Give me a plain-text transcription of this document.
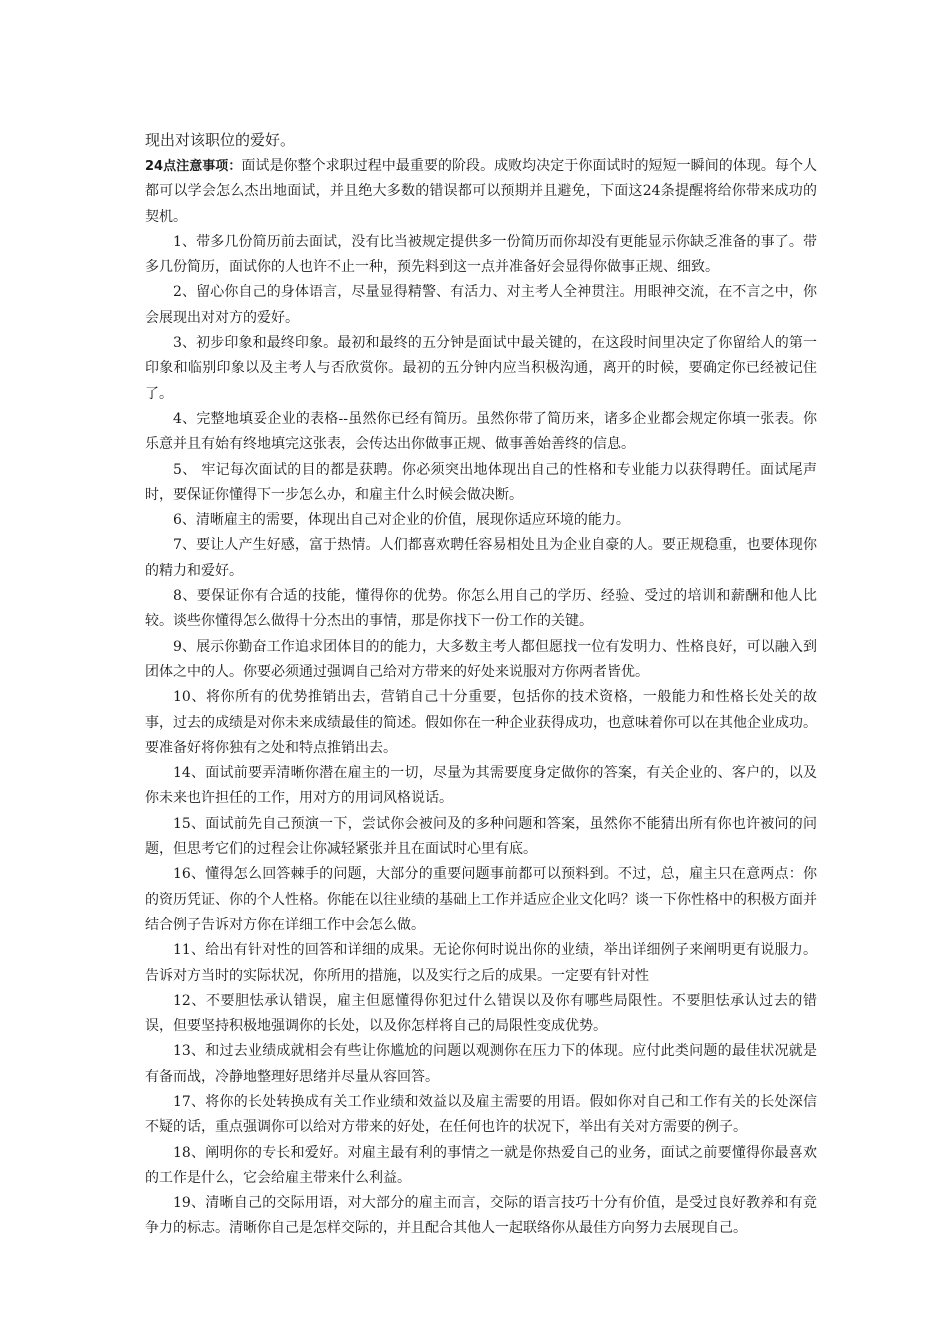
现出对该职位的爱好。

24点注意事项：面试是你整个求职过程中最重要的阶段。成败均决定于你面试时的短短一瞬间的体现。每个人都可以学会怎么杰出地面试，并且绝大多数的错误都可以预期并且避免，下面这24条提醒将给你带来成功的契机。

1、带多几份简历前去面试，没有比当被规定提供多一份简历而你却没有更能显示你缺乏准备的事了。带多几份简历，面试你的人也许不止一种，预先料到这一点并准备好会显得你做事正规、细致。

2、留心你自己的身体语言，尽量显得精警、有活力、对主考人全神贯注。用眼神交流，在不言之中，你会展现出对对方的爱好。

3、初步印象和最终印象。最初和最终的五分钟是面试中最关键的，在这段时间里决定了你留给人的第一印象和临别印象以及主考人与否欣赏你。最初的五分钟内应当积极沟通，离开的时候，要确定你已经被记住了。

4、完整地填妥企业的表格--虽然你已经有简历。虽然你带了简历来，诸多企业都会规定你填一张表。你乐意并且有始有终地填完这张表，会传达出你做事正规、做事善始善终的信息。

5、 牢记每次面试的目的都是获聘。你必须突出地体现出自己的性格和专业能力以获得聘任。面试尾声时，要保证你懂得下一步怎么办，和雇主什么时候会做决断。

6、清晰雇主的需要，体现出自己对企业的价值，展现你适应环境的能力。

7、要让人产生好感，富于热情。人们都喜欢聘任容易相处且为企业自豪的人。要正规稳重，也要体现你的精力和爱好。

8、要保证你有合适的技能，懂得你的优势。你怎么用自己的学历、经验、受过的培训和薪酬和他人比较。谈些你懂得怎么做得十分杰出的事情，那是你找下一份工作的关键。

9、展示你勤奋工作追求团体目的的能力，大多数主考人都但愿找一位有发明力、性格良好，可以融入到团体之中的人。你要必须通过强调自己给对方带来的好处来说服对方你两者皆优。

10、将你所有的优势推销出去，营销自己十分重要，包括你的技术资格，一般能力和性格长处关的故事，过去的成绩是对你未来成绩最佳的简述。假如你在一种企业获得成功，也意味着你可以在其他企业成功。要准备好将你独有之处和特点推销出去。

14、面试前要弄清晰你潜在雇主的一切，尽量为其需要度身定做你的答案，有关企业的、客户的，以及你未来也许担任的工作，用对方的用词风格说话。

15、面试前先自己预演一下，尝试你会被问及的多种问题和答案，虽然你不能猜出所有你也许被问的问题，但思考它们的过程会让你减轻紧张并且在面试时心里有底。

16、懂得怎么回答棘手的问题，大部分的重要问题事前都可以预料到。不过，总，雇主只在意两点：你的资历凭证、你的个人性格。你能在以往业绩的基础上工作并适应企业文化吗？谈一下你性格中的积极方面并结合例子告诉对方你在详细工作中会怎么做。

11、给出有针对性的回答和详细的成果。无论你何时说出你的业绩，举出详细例子来阐明更有说服力。告诉对方当时的实际状况，你所用的措施，以及实行之后的成果。一定要有针对性

12、不要胆怯承认错误，雇主但愿懂得你犯过什么错误以及你有哪些局限性。不要胆怯承认过去的错误，但要坚持积极地强调你的长处，以及你怎样将自己的局限性变成优势。

13、和过去业绩成就相会有些让你尴尬的问题以观测你在压力下的体现。应付此类问题的最佳状况就是有备而战，冷静地整理好思绪并尽量从容回答。

17、将你的长处转换成有关工作业绩和效益以及雇主需要的用语。假如你对自己和工作有关的长处深信不疑的话，重点强调你可以给对方带来的好处，在任何也许的状况下，举出有关对方需要的例子。

18、阐明你的专长和爱好。对雇主最有利的事情之一就是你热爱自己的业务，面试之前要懂得你最喜欢的工作是什么，它会给雇主带来什么利益。

19、清晰自己的交际用语，对大部分的雇主而言，交际的语言技巧十分有价值，是受过良好教养和有竞争力的标志。清晰你自己是怎样交际的，并且配合其他人一起联络你从最佳方向努力去展现自己。
